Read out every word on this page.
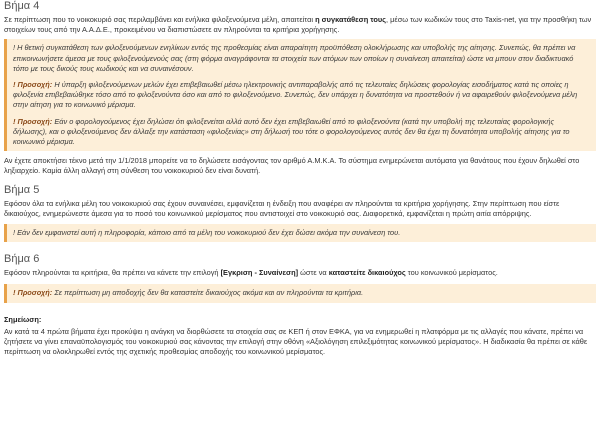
Βήμα 4

Σε περίπτωση που το νοικοκυριό σας περιλαμβάνει και ενήλικα φιλοξενούμενα μέλη, απαιτείται η συγκατάθεση τους, μέσω των κωδικών τους στο Taxis-net, για την προσθήκη των στοιχείων τους από την Α.Α.Δ.Ε., προκειμένου να διαπιστώσετε αν πληρούνται τα κριτήρια χορήγησης.

! Η θετική συγκατάθεση των φιλοξενούμενων ενηλίκων εντός της προθεσμίας είναι απαραίτητη προϋπόθεση ολοκλήρωσης και υποβολής της αίτησης. Συνεπώς, θα πρέπει να επικοινωνήσετε άμεσα με τους φιλοξενούμενούς σας (στη φόρμα αναγράφονται τα στοιχεία των ατόμων των οποίων η συναίνεση απαιτείται) ώστε να μπουν στον διαδικτυακό τόπο με τους δικούς τους κωδικούς και να συναινέσουν.

! Προσοχή: Η ύπαρξη φιλοξενούμενων μελών έχει επιβεβαιωθεί μέσω ηλεκτρονικής αντιπαραβολής από τις τελευταίες δηλώσεις φορολογίας εισοδήματος κατά τις οποίες η φιλοξενία επιβεβαιώθηκε τόσο από το φιλοξενούντα όσο και από το φιλοξενούμενο. Συνεπώς, δεν υπάρχει η δυνατότητα να προστεθούν ή να αφαιρεθούν φιλοξενούμενα μέλη στην αίτηση για το κοινωνικό μέρισμα.

! Προσοχή: Εάν ο φορολογούμενος έχει δηλώσει ότι φιλοξενείται αλλά αυτό δεν έχει επιβεβαιωθεί από το φιλοξενούντα (κατά την υποβολή της τελευταίας φορολογικής δήλωσης), και ο φιλοξενούμενος δεν άλλαξε την κατάσταση «φιλοξενίας» στη δήλωσή του τότε ο φορολογούμενος αυτός δεν θα έχει τη δυνατότητα υποβολής αίτησης για το κοινωνικό μέρισμα.

Αν έχετε αποκτήσει τέκνο μετά την 1/1/2018 μπορείτε να το δηλώσετε εισάγοντας τον αριθμό Α.Μ.Κ.Α. Το σύστημα ενημερώνεται αυτόματα για θανάτους που έχουν δηλωθεί στο ληξιαρχείο. Καμία άλλη αλλαγή στη σύνθεση του νοικοκυριού δεν είναι δυνατή.

Βήμα 5

Εφόσον όλα τα ενήλικα μέλη του νοικοκυριού σας έχουν συναινέσει, εμφανίζεται η ένδειξη που αναφέρει αν πληρούνται τα κριτήρια χορήγησης. Στην περίπτωση που είστε δικαιούχος, ενημερώνεστε άμεσα για το ποσό του κοινωνικού μερίσματος που αντιστοιχεί στο νοικοκυριό σας. Διαφορετικά, εμφανίζεται η πρώτη αιτία απόρριψης.

! Εάν δεν εμφανιστεί αυτή η πληροφορία, κάποιο από τα μέλη του νοικοκυριού δεν έχει δώσει ακόμα την συναίνεση του.

Βήμα 6

Εφόσον πληρούνται τα κριτήρια, θα πρέπει να κάνετε την επιλογή [Εγκριση - Συναίνεση] ώστε να καταστείτε δικαιούχος του κοινωνικού μερίσματος.

! Προσοχή: Σε περίπτωση μη αποδοχής δεν θα καταστείτε δικαιούχος ακόμα και αν πληρούνται τα κριτήρια.

Σημείωση:

Αν κατά τα 4 πρώτα βήματα έχει προκύψει η ανάγκη να διορθώσετε τα στοιχεία σας σε ΚΕΠ ή στον ΕΦΚΑ, για να ενημερωθεί η πλατφόρμα με τις αλλαγές που κάνατε, πρέπει να ζητήσετε να γίνει επαναϋπολογισμός του νοικοκυριού σας κάνοντας την επιλογή στην οθόνη «Αξιολόγηση επιλεξιμότητας κοινωνικού μερίσματος». Η διαδικασία θα πρέπει σε κάθε περίπτωση να ολοκληρωθεί εντός της σχετικής προθεσμίας αποδοχής του κοινωνικού μερίσματος.
